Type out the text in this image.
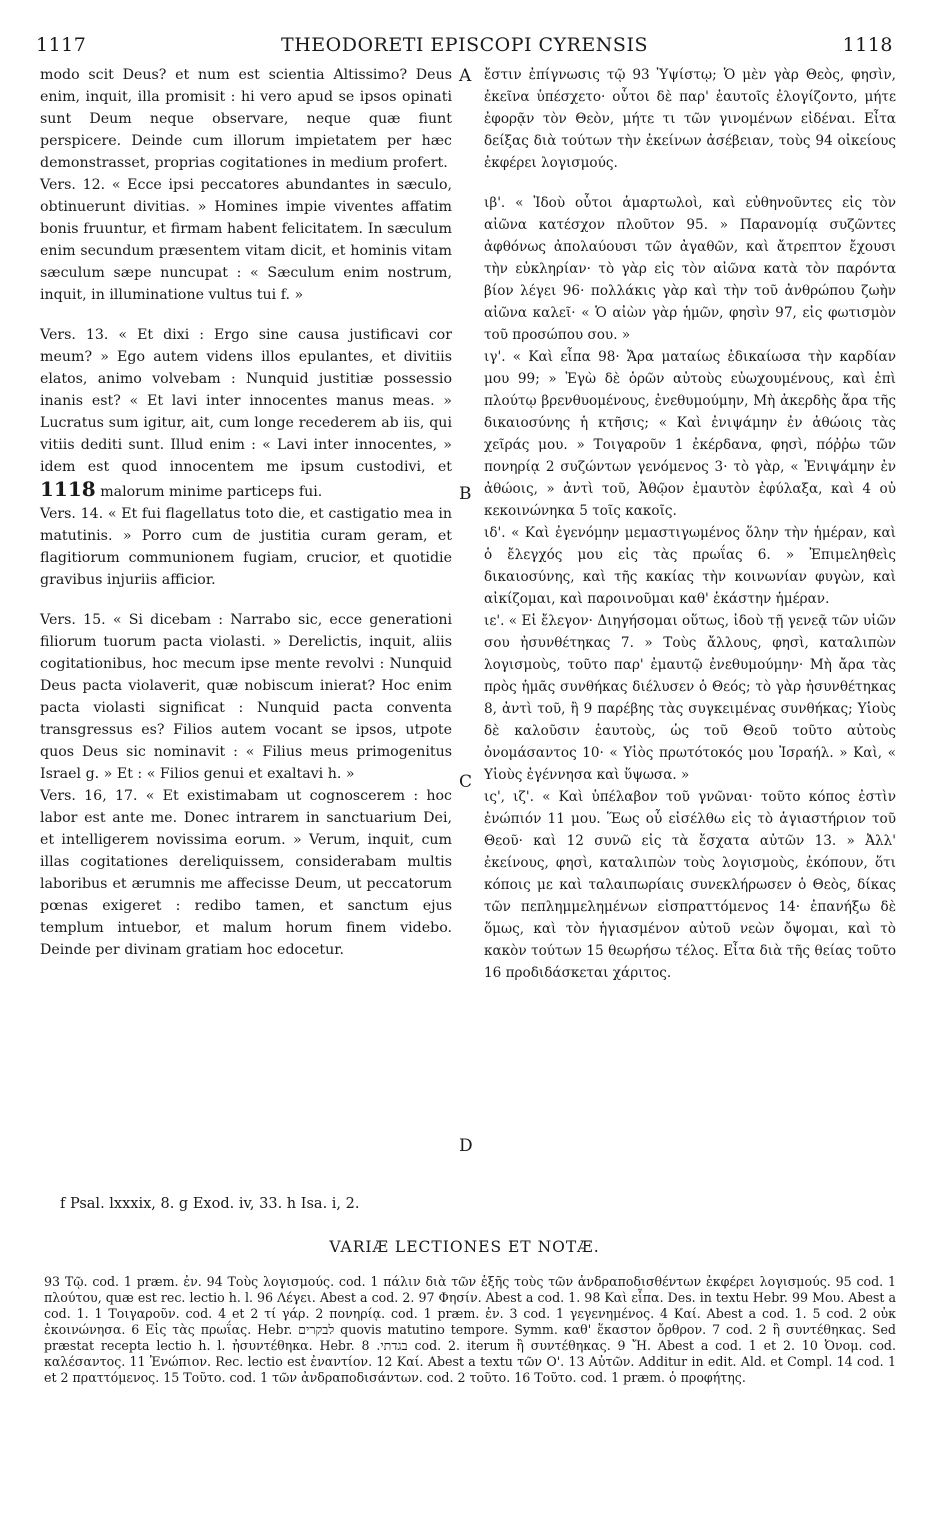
1117	THEODORETI EPISCOPI CYRENSIS	1118

modo scit Deus? et num est scientia Altissimo? Deus enim, inquit, illa promisit : hi vero apud se ipsos opinati sunt Deum neque observare, neque quæ fiunt perspicere. Deinde cum illorum impietatem per hæc demonstrasset, proprias cogitationes in medium profert.

Vers. 12. « Ecce ipsi peccatores abundantes in sæculo, obtinuerunt divitias. » Homines impie viventes affatim bonis fruuntur, et firmam habent felicitatem. In sæculum enim secundum præsentem vitam dicit, et hominis vitam sæculum sæpe nuncupat : « Sæculum enim nostrum, inquit, in illuminatione vultus tui f. »

Vers. 13. « Et dixi : Ergo sine causa justificavi cor meum? » Ego autem videns illos epulantes, et divitiis elatos, animo volvebam : Nunquid justitiæ possessio inanis est? « Et lavi inter innocentes manus meas. » Lucratus sum igitur, ait, cum longe recederem ab iis, qui vitiis dediti sunt. Illud enim : « Lavi inter innocentes, » idem est quod innocentem me ipsum custodivi, et 1118 malorum minime particeps fui.

Vers. 14. « Et fui flagellatus toto die, et castigatio mea in matutinis. » Porro cum de justitia curam geram, et flagitiorum communionem fugiam, crucior, et quotidie gravibus injuriis afficior.

Vers. 15. « Si dicebam : Narrabo sic, ecce generationi filiorum tuorum pacta violasti. » Derelictis, inquit, aliis cogitationibus, hoc mecum ipse mente revolvi : Nunquid Deus pacta violaverit, quæ nobiscum inierat? Hoc enim pacta violasti significat : Nunquid pacta conventa transgressus es? Filios autem vocant se ipsos, utpote quos Deus sic nominavit : « Filius meus primogenitus Israel g. » Et : « Filios genui et exaltavi h. »

Vers. 16, 17. « Et existimabam ut cognoscerem : hoc labor est ante me. Donec intrarem in sanctuarium Dei, et intelligerem novissima eorum. » Verum, inquit, cum illas cogitationes dereliquissem, considerabam multis laboribus et ærumnis me affecisse Deum, ut peccatorum pœnas exigeret : redibo tamen, et sanctum ejus templum intuebor, et malum horum finem videbo. Deinde per divinam gratiam hoc edocetur.

A
B
C
D

ἔστιν ἐπίγνωσις τῷ 93 Ὑψίστῳ; Ὁ μὲν γὰρ Θεὸς, φησὶν, ἐκεῖνα ὑπέσχετο· οὗτοι δὲ παρ' ἑαυτοῖς ἐλογίζοντο, μήτε ἐφορᾷν τὸν Θεὸν, μήτε τι τῶν γινομένων εἰδέναι. Εἶτα δείξας διὰ τούτων τὴν ἐκείνων ἀσέβειαν, τοὺς 94 οἰκείους ἐκφέρει λογισμούς.

ιβ'. « Ἰδοὺ οὗτοι ἁμαρτωλοὶ, καὶ εὐθηνοῦντες εἰς τὸν αἰῶνα κατέσχον πλοῦτον 95. » Παρανομίᾳ συζῶντες ἀφθόνως ἀπολαύουσι τῶν ἀγαθῶν, καὶ ἄτρεπτον ἔχουσι τὴν εὐκληρίαν· τὸ γὰρ εἰς τὸν αἰῶνα κατὰ τὸν παρόντα βίον λέγει 96· πολλάκις γὰρ καὶ τὴν τοῦ ἀνθρώπου ζωὴν αἰῶνα καλεῖ· « Ὁ αἰὼν γὰρ ἡμῶν, φησὶν 97, εἰς φωτισμὸν τοῦ προσώπου σου. »

ιγ'. « Καὶ εἶπα 98· Ἄρα ματαίως ἐδικαίωσα τὴν καρδίαν μου 99; » Ἐγὼ δὲ ὁρῶν αὐτοὺς εὐωχουμένους, καὶ ἐπὶ πλούτῳ βρενθυομένους, ἐνεθυμούμην, Μὴ ἀκερδὴς ἄρα τῆς δικαιοσύνης ἡ κτῆσις; « Καὶ ἐνιψάμην ἐν ἀθώοις τὰς χεῖράς μου. » Τοιγαροῦν 1 ἐκέρδανα, φησὶ, πόῤῥω τῶν πονηρίᾳ 2 συζώντων γενόμενος 3· τὸ γὰρ, « Ἐνιψάμην ἐν ἀθώοις, » ἀντὶ τοῦ, Ἀθῷον ἐμαυτὸν ἐφύλαξα, καὶ 4 οὐ κεκοινώνηκα 5 τοῖς κακοῖς.

ιδ'. « Καὶ ἐγενόμην μεμαστιγωμένος ὅλην τὴν ἡμέραν, καὶ ὁ ἔλεγχός μου εἰς τὰς πρωΐας 6. » Ἐπιμεληθεὶς δικαιοσύνης, καὶ τῆς κακίας τὴν κοινωνίαν φυγὼν, καὶ αἰκίζομαι, καὶ παροινοῦμαι καθ' ἑκάστην ἡμέραν.

ιε'. « Εἰ ἔλεγον· Διηγήσομαι οὕτως, ἰδοὺ τῇ γενεᾷ τῶν υἱῶν σου ἠσυνθέτηκας 7. » Τοὺς ἄλλους, φησὶ, καταλιπὼν λογισμοὺς, τοῦτο παρ' ἐμαυτῷ ἐνεθυμούμην· Μὴ ἄρα τὰς πρὸς ἡμᾶς συνθήκας διέλυσεν ὁ Θεός; τὸ γὰρ ἠσυνθέτηκας 8, ἀντὶ τοῦ, ἢ 9 παρέβης τὰς συγκειμένας συνθήκας; Υἱοὺς δὲ καλοῦσιν ἑαυτοὺς, ὡς τοῦ Θεοῦ τοῦτο αὐτοὺς ὀνομάσαντος 10· « Υἱὸς πρωτότοκός μου Ἰσραήλ. » Καὶ, « Υἱοὺς ἐγέννησα καὶ ὕψωσα. »

ις', ιζ'. « Καὶ ὑπέλαβον τοῦ γνῶναι· τοῦτο κόπος ἐστὶν ἐνώπιόν 11 μου. Ἕως οὗ εἰσέλθω εἰς τὸ ἁγιαστήριον τοῦ Θεοῦ· καὶ 12 συνῶ εἰς τὰ ἔσχατα αὐτῶν 13. » Ἀλλ' ἐκείνους, φησὶ, καταλιπὼν τοὺς λογισμοὺς, ἐκόπουν, ὅτι κόποις με καὶ ταλαιπωρίαις συνεκλήρωσεν ὁ Θεὸς, δίκας τῶν πεπλημμελημένων εἰσπραττόμενος 14· ἐπανήξω δὲ ὅμως, καὶ τὸν ἡγιασμένον αὐτοῦ νεὼν ὄψομαι, καὶ τὸ κακὸν τούτων 15 θεωρήσω τέλος. Εἶτα διὰ τῆς θείας τοῦτο 16 προδιδάσκεται χάριτος.

f Psal. lxxxix, 8. g Exod. iv, 33. h Isa. i, 2.
VARIÆ LECTIONES ET NOTÆ.
93 Τῷ. cod. 1 præm. ἐν. 94 Τοὺς λογισμούς. cod. 1 πάλιν διὰ τῶν ἑξῆς τοὺς τῶν ἀνδραποδισθέντων ἐκφέρει λογισμούς. 95 cod. 1 πλούτου, quæ est rec. lectio h. l. 96 Λέγει. Abest a cod. 2. 97 Φησίν. Abest a cod. 1. 98 Καὶ εἶπα. Des. in textu Hebr. 99 Μου. Abest a cod. 1. 1 Τοιγαροῦν. cod. 4 et 2 τί γάρ. 2 πονηρίᾳ. cod. 1 præm. ἐν. 3 cod. 1 γεγενημένος. 4 Καί. Abest a cod. 1. 5 cod. 2 οὐκ ἐκοινώνησα. 6 Εἰς τὰς πρωΐας. Hebr. לבקרים quovis matutino tempore. Symm. καθ' ἕκαστον ὄρθρον. 7 cod. 2 ἢ συντέθηκας. Sed præstat recepta lectio h. l. ἠσυντέθηκα. Hebr. בגדתי. 8 cod. 2. iterum ἢ συντέθηκας. 9 Ἤ. Abest a cod. 1 et 2. 10 Ὀνομ. cod. καλέσαντος. 11 Ἐνώπιον. Rec. lectio est ἐναντίον. 12 Καί. Abest a textu τῶν Ο'. 13 Αὐτῶν. Additur in edit. Ald. et Compl. 14 cod. 1 et 2 πραττόμενος. 15 Τοῦτο. cod. 1 τῶν ἀνδραποδισάντων. cod. 2 τοῦτο. 16 Τοῦτο. cod. 1 præm. ὁ προφήτης.
